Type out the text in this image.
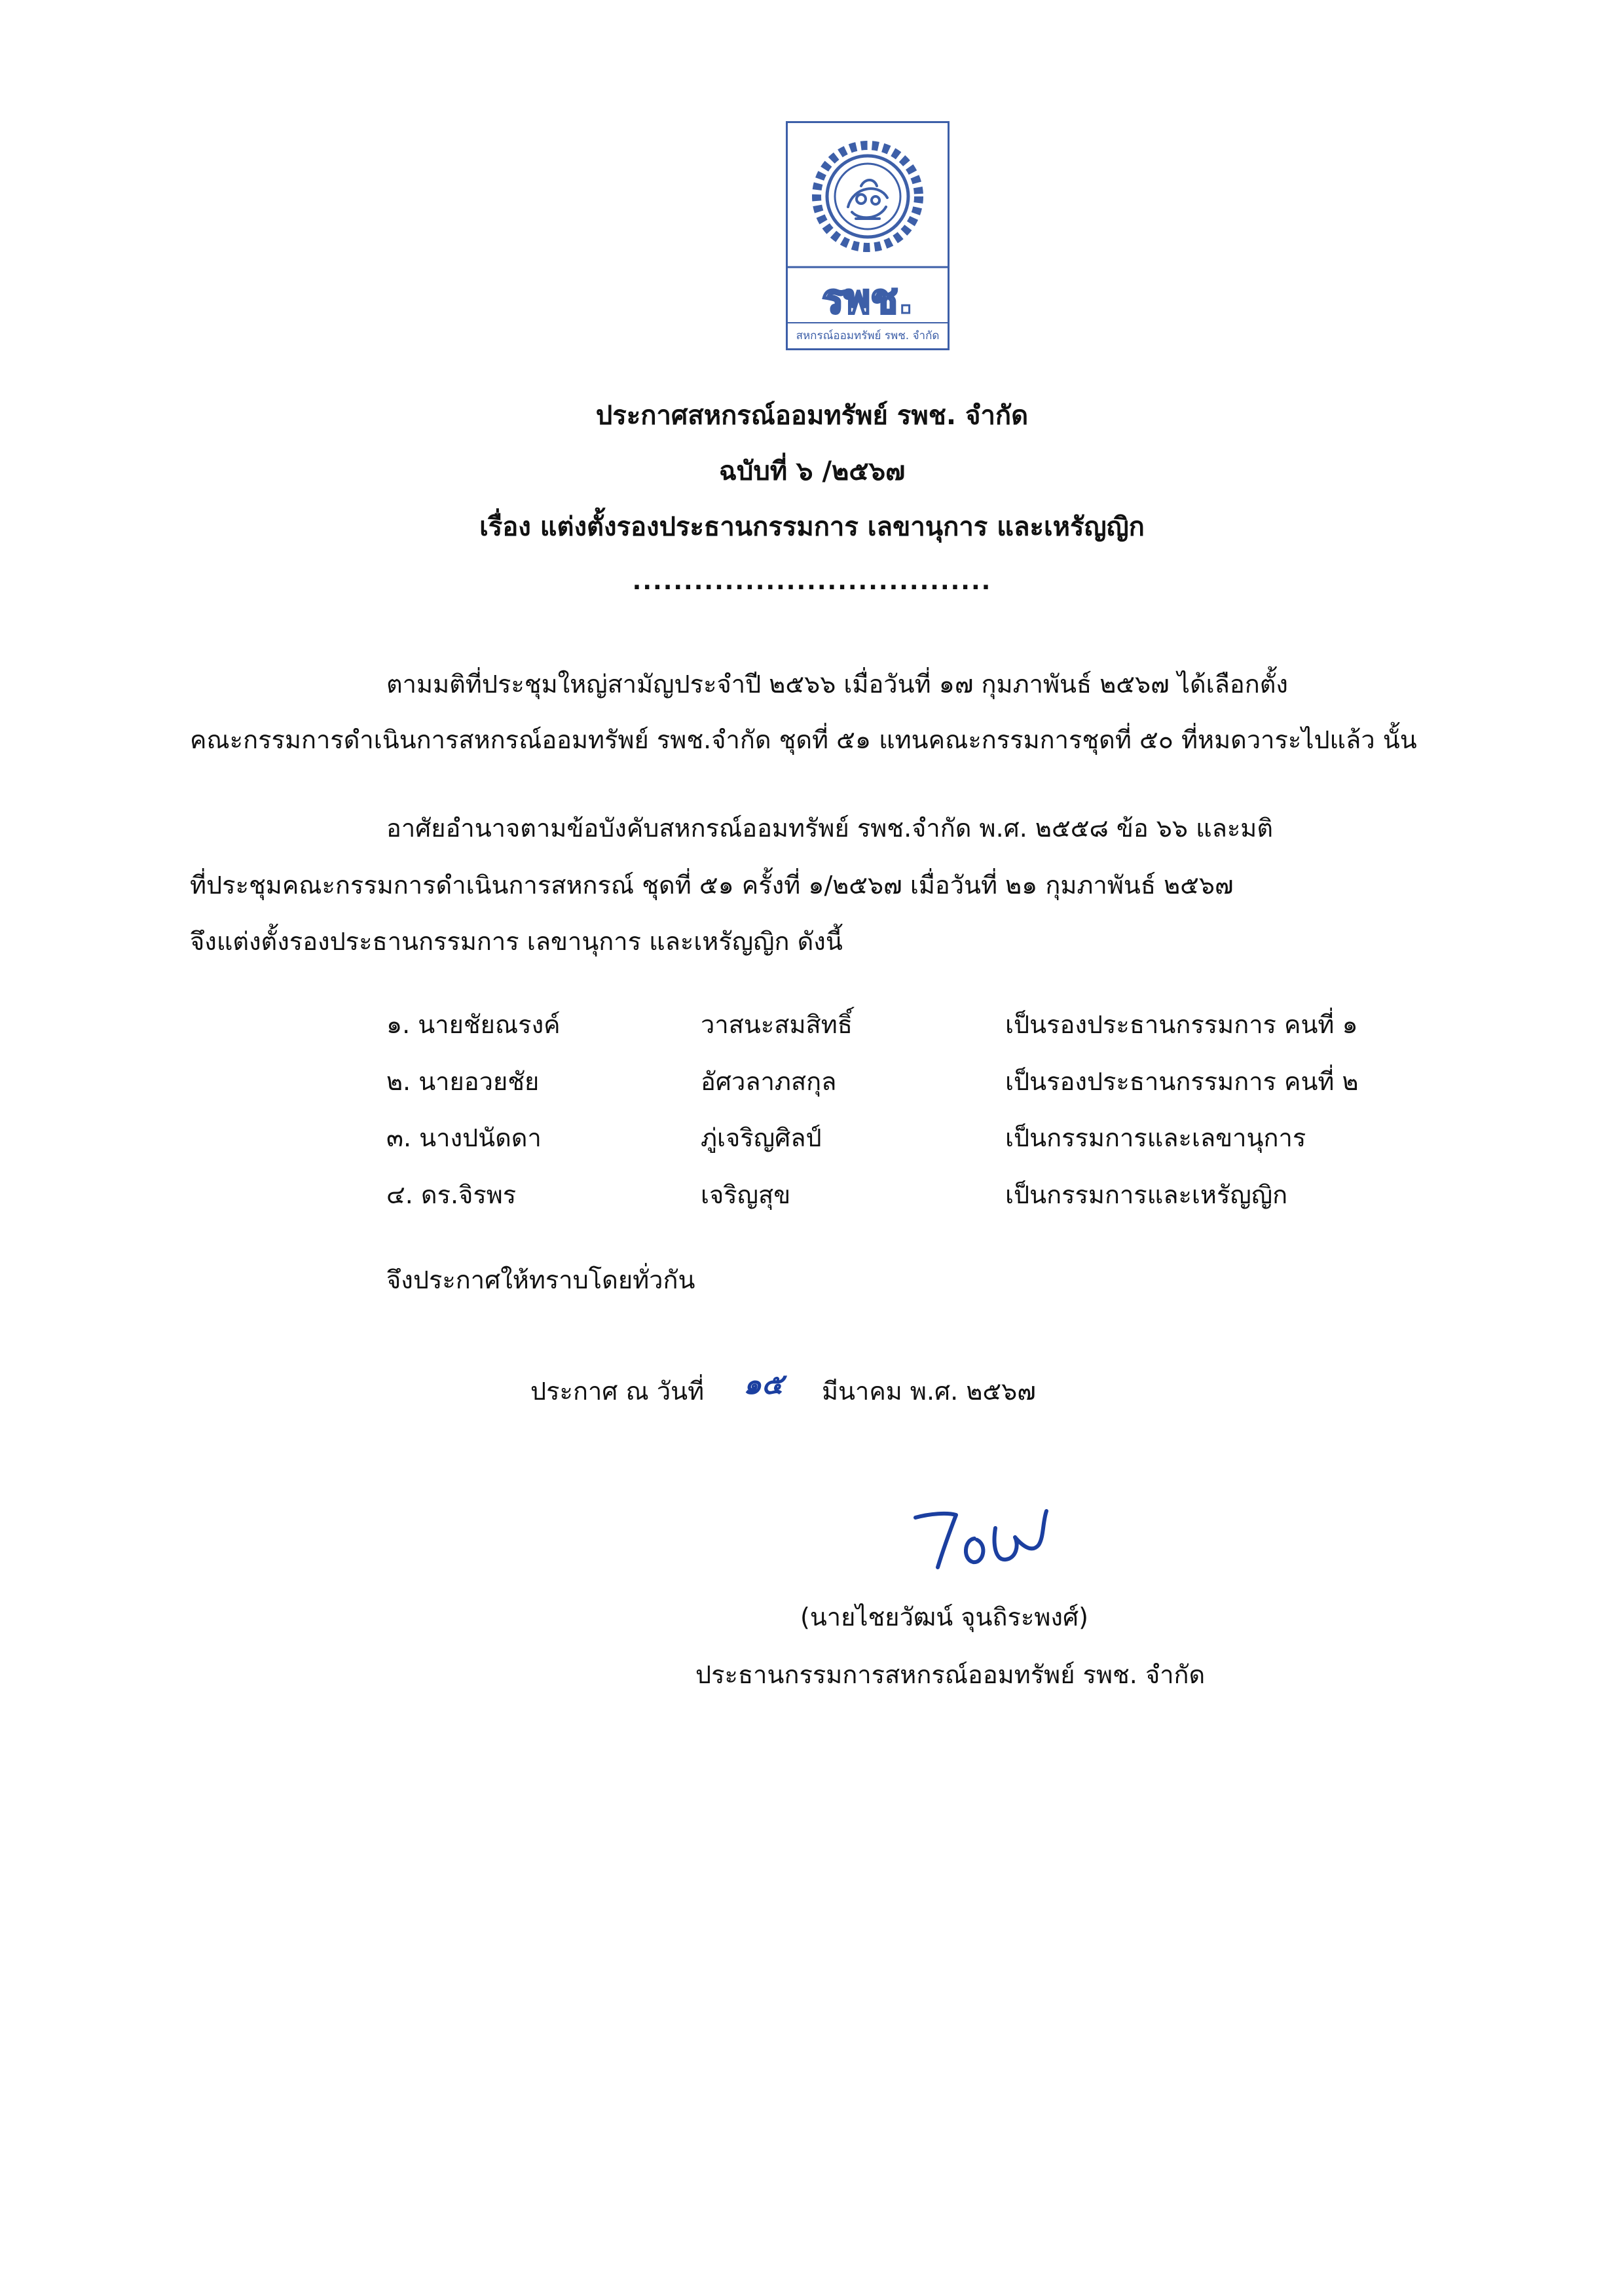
รพช.
สหกรณ์ออมทรัพย์ รพช. จำกัด
ประกาศสหกรณ์ออมทรัพย์ รพช. จำกัด
ฉบับที่ ๖ /๒๕๖๗
เรื่อง แต่งตั้งรองประธานกรรมการ เลขานุการ และเหรัญญิก
...................................
ตามมติที่ประชุมใหญ่สามัญประจำปี ๒๕๖๖ เมื่อวันที่ ๑๗ กุมภาพันธ์ ๒๕๖๗ ได้เลือกตั้ง
คณะกรรมการดำเนินการสหกรณ์ออมทรัพย์ รพช.จำกัด ชุดที่ ๕๑ แทนคณะกรรมการชุดที่ ๕๐ ที่หมดวาระไปแล้ว นั้น
อาศัยอำนาจตามข้อบังคับสหกรณ์ออมทรัพย์ รพช.จำกัด พ.ศ. ๒๕๕๘ ข้อ ๖๖ และมติ
ที่ประชุมคณะกรรมการดำเนินการสหกรณ์ ชุดที่ ๕๑ ครั้งที่ ๑/๒๕๖๗ เมื่อวันที่ ๒๑ กุมภาพันธ์ ๒๕๖๗
จึงแต่งตั้งรองประธานกรรมการ เลขานุการ และเหรัญญิก ดังนี้
๑. นายชัยณรงค์	วาสนะสมสิทธิ์	เป็นรองประธานกรรมการ คนที่ ๑
๒. นายอวยชัย	อัศวลาภสกุล	เป็นรองประธานกรรมการ คนที่ ๒
๓. นางปนัดดา	ภู่เจริญศิลป์	เป็นกรรมการและเลขานุการ
๔. ดร.จิรพร	เจริญสุข	เป็นกรรมการและเหรัญญิก
จึงประกาศให้ทราบโดยทั่วกัน
ประกาศ ณ วันที่ ๑๕ มีนาคม พ.ศ. ๒๕๖๗
(นายไชยวัฒน์ จุนถิระพงศ์)
ประธานกรรมการสหกรณ์ออมทรัพย์ รพช. จำกัด
